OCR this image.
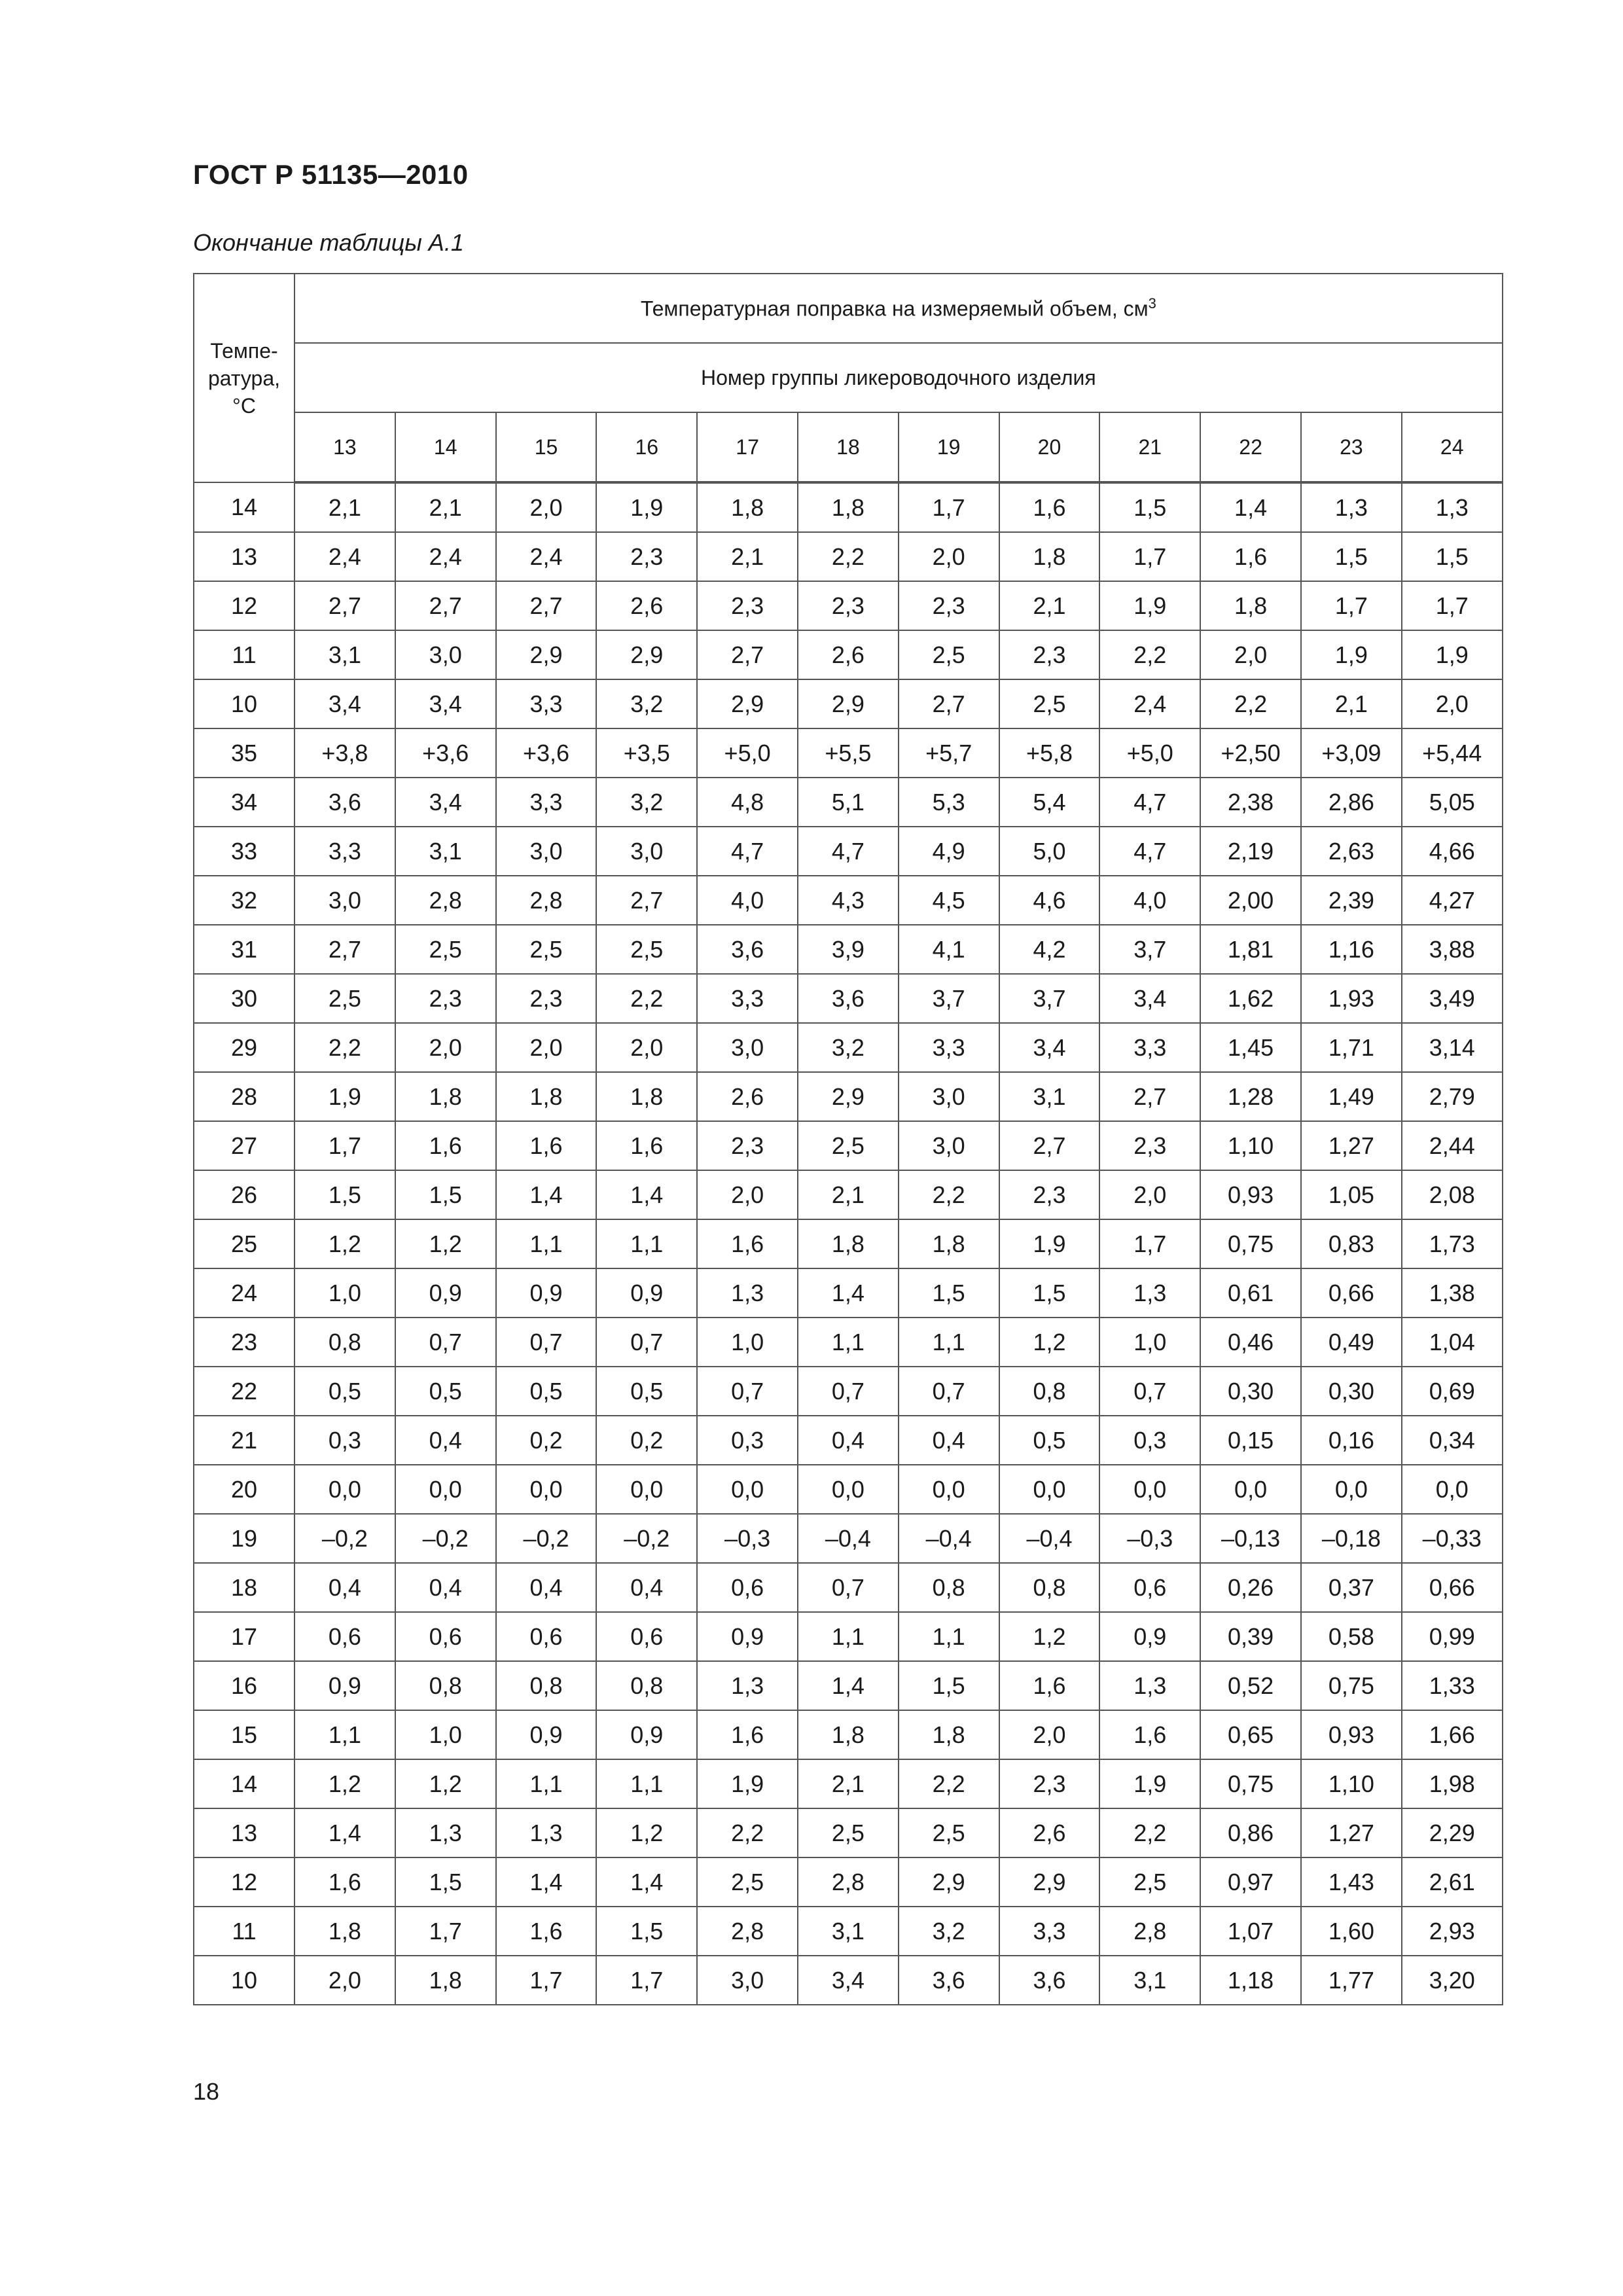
ГОСТ Р 51135—2010
Окончание таблицы А.1
Темпе-
ратура,
°С	Температурная поправка на измеряемый объем, $см^3$
	Номер группы ликероводочного изделия											
	13	14	15	16	17	18	19	20	21	22	23	24
14	2,1	2,1	2,0	1,9	1,8	1,8	1,7	1,6	1,5	1,4	1,3	1,3
13	2,4	2,4	2,4	2,3	2,1	2,2	2,0	1,8	1,7	1,6	1,5	1,5
12	2,7	2,7	2,7	2,6	2,3	2,3	2,3	2,1	1,9	1,8	1,7	1,7
11	3,1	3,0	2,9	2,9	2,7	2,6	2,5	2,3	2,2	2,0	1,9	1,9
10	3,4	3,4	3,3	3,2	2,9	2,9	2,7	2,5	2,4	2,2	2,1	2,0
35	+3,8	+3,6	+3,6	+3,5	+5,0	+5,5	+5,7	+5,8	+5,0	+2,50	+3,09	+5,44
34	3,6	3,4	3,3	3,2	4,8	5,1	5,3	5,4	4,7	2,38	2,86	5,05
33	3,3	3,1	3,0	3,0	4,7	4,7	4,9	5,0	4,7	2,19	2,63	4,66
32	3,0	2,8	2,8	2,7	4,0	4,3	4,5	4,6	4,0	2,00	2,39	4,27
31	2,7	2,5	2,5	2,5	3,6	3,9	4,1	4,2	3,7	1,81	1,16	3,88
30	2,5	2,3	2,3	2,2	3,3	3,6	3,7	3,7	3,4	1,62	1,93	3,49
29	2,2	2,0	2,0	2,0	3,0	3,2	3,3	3,4	3,3	1,45	1,71	3,14
28	1,9	1,8	1,8	1,8	2,6	2,9	3,0	3,1	2,7	1,28	1,49	2,79
27	1,7	1,6	1,6	1,6	2,3	2,5	3,0	2,7	2,3	1,10	1,27	2,44
26	1,5	1,5	1,4	1,4	2,0	2,1	2,2	2,3	2,0	0,93	1,05	2,08
25	1,2	1,2	1,1	1,1	1,6	1,8	1,8	1,9	1,7	0,75	0,83	1,73
24	1,0	0,9	0,9	0,9	1,3	1,4	1,5	1,5	1,3	0,61	0,66	1,38
23	0,8	0,7	0,7	0,7	1,0	1,1	1,1	1,2	1,0	0,46	0,49	1,04
22	0,5	0,5	0,5	0,5	0,7	0,7	0,7	0,8	0,7	0,30	0,30	0,69
21	0,3	0,4	0,2	0,2	0,3	0,4	0,4	0,5	0,3	0,15	0,16	0,34
20	0,0	0,0	0,0	0,0	0,0	0,0	0,0	0,0	0,0	0,0	0,0	0,0
19	–0,2	–0,2	–0,2	–0,2	–0,3	–0,4	–0,4	–0,4	–0,3	–0,13	–0,18	–0,33
18	0,4	0,4	0,4	0,4	0,6	0,7	0,8	0,8	0,6	0,26	0,37	0,66
17	0,6	0,6	0,6	0,6	0,9	1,1	1,1	1,2	0,9	0,39	0,58	0,99
16	0,9	0,8	0,8	0,8	1,3	1,4	1,5	1,6	1,3	0,52	0,75	1,33
15	1,1	1,0	0,9	0,9	1,6	1,8	1,8	2,0	1,6	0,65	0,93	1,66
14	1,2	1,2	1,1	1,1	1,9	2,1	2,2	2,3	1,9	0,75	1,10	1,98
13	1,4	1,3	1,3	1,2	2,2	2,5	2,5	2,6	2,2	0,86	1,27	2,29
12	1,6	1,5	1,4	1,4	2,5	2,8	2,9	2,9	2,5	0,97	1,43	2,61
11	1,8	1,7	1,6	1,5	2,8	3,1	3,2	3,3	2,8	1,07	1,60	2,93
10	2,0	1,8	1,7	1,7	3,0	3,4	3,6	3,6	3,1	1,18	1,77	3,20
18
